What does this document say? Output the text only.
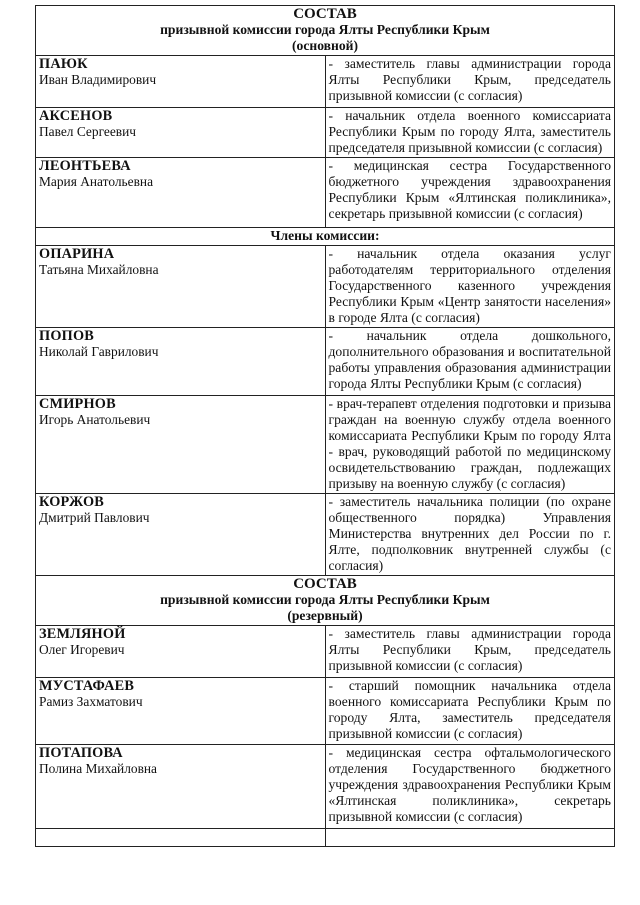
СОСТАВ
призывной комиссии города Ялты Республики Крым
(основной)	

ПАЮК
Иван Владимирович	- заместитель главы администрации города Ялты Республики Крым, председатель призывной комиссии (с согласия)

АКСЕНОВ
Павел Сергеевич	- начальник отдела военного комиссариата Республики Крым по городу Ялта, заместитель председателя призывной комиссии (с согласия)

ЛЕОНТЬЕВА
Мария Анатольевна	- медицинская сестра Государственного бюджетного учреждения здравоохранения Республики Крым «Ялтинская поликлиника», секретарь призывной комиссии (с согласия)

Члены комиссии:	

ОПАРИНА
Татьяна Михайловна	- начальник отдела оказания услуг работодателям территориального отделения Государственного казенного учреждения Республики Крым «Центр занятости населения» в городе Ялта (с согласия)

ПОПОВ
Николай Гаврилович	- начальник отдела дошкольного, дополнительного образования и воспитательной работы управления образования администрации города Ялты Республики Крым (с согласия)

СМИРНОВ
Игорь Анатольевич	- врач-терапевт отделения подготовки и призыва граждан на военную службу отдела военного комиссариата Республики Крым по городу Ялта - врач, руководящий работой по медицинскому освидетельствованию граждан, подлежащих призыву на военную службу (с согласия)

КОРЖОВ
Дмитрий Павлович	- заместитель начальника полиции (по охране общественного порядка) Управления Министерства внутренних дел России по г. Ялте, подполковник внутренней службы (с согласия)

СОСТАВ
призывной комиссии города Ялты Республики Крым
(резервный)	

ЗЕМЛЯНОЙ
Олег Игоревич	- заместитель главы администрации города Ялты Республики Крым, председатель призывной комиссии (с согласия)

МУСТАФАЕВ
Рамиз Захматович	- старший помощник начальника отдела военного комиссариата Республики Крым по городу Ялта, заместитель председателя призывной комиссии (с согласия)

ПОТАПОВА
Полина Михайловна	- медицинская сестра офтальмологического отделения Государственного бюджетного учреждения здравоохранения Республики Крым «Ялтинская поликлиника», секретарь призывной комиссии (с согласия)
